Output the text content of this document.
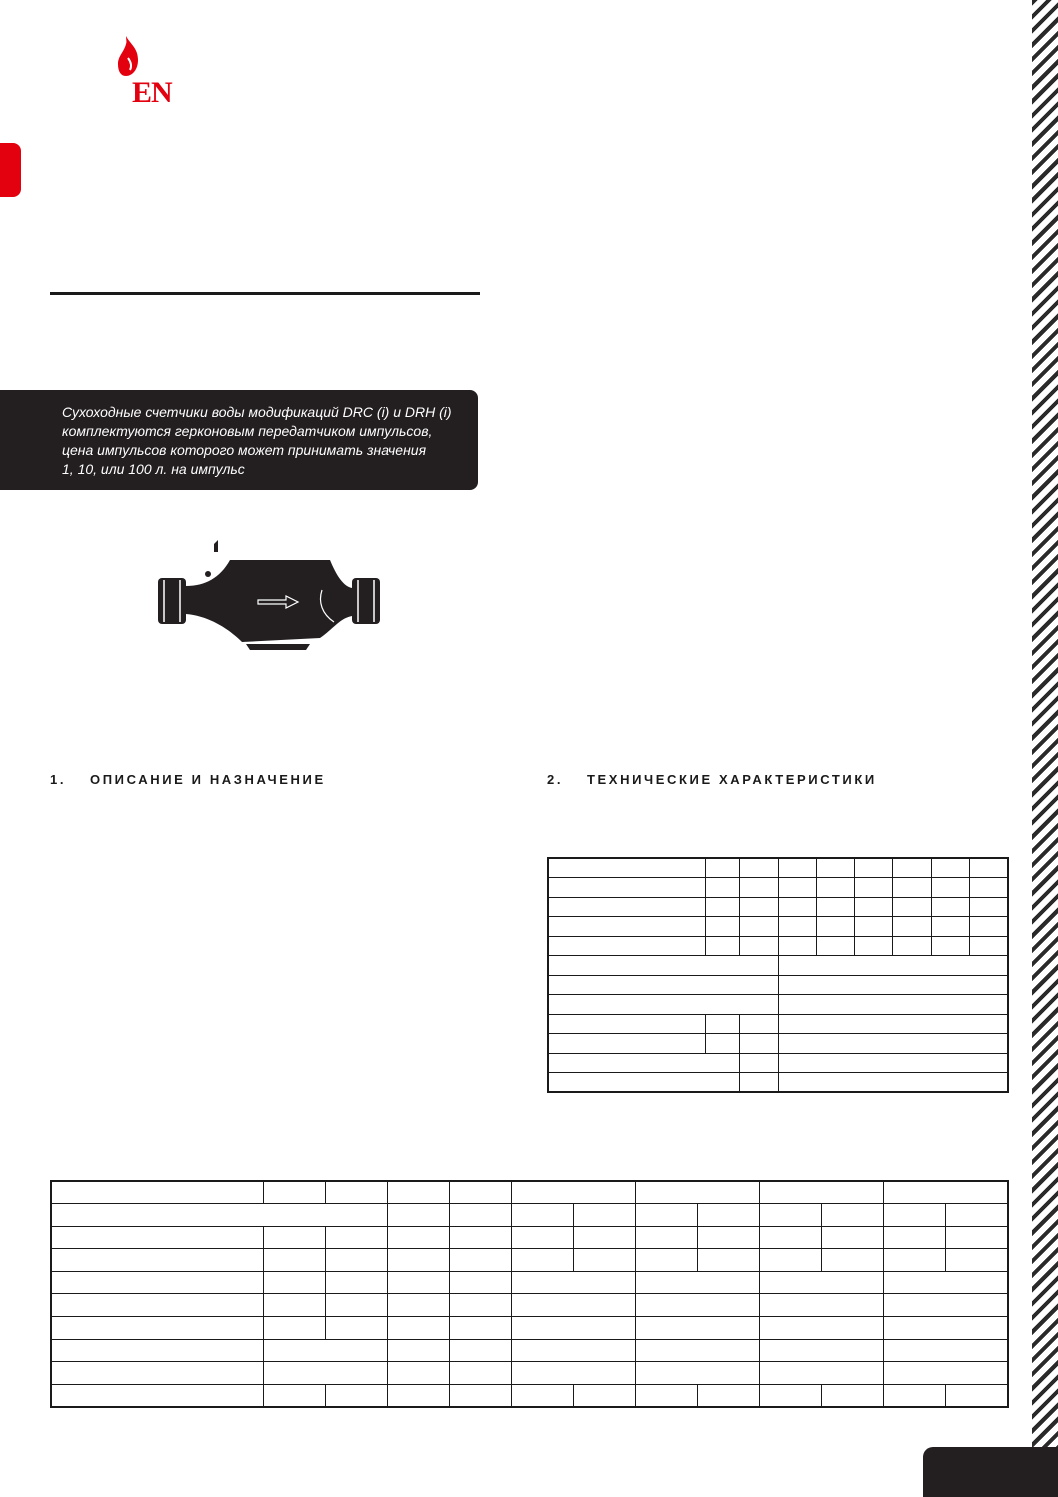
EN
Сухоходные счетчики воды модификаций DRC (i) и DRH (i)
комплектуются герконовым передатчиком импульсов,
цена импульсов которого может принимать значения
1, 10, или 100 л. на импульс
1. ОПИСАНИЕ И НАЗНАЧЕНИЕ	2. ТЕХНИЧЕСКИЕ ХАРАКТЕРИСТИКИ
